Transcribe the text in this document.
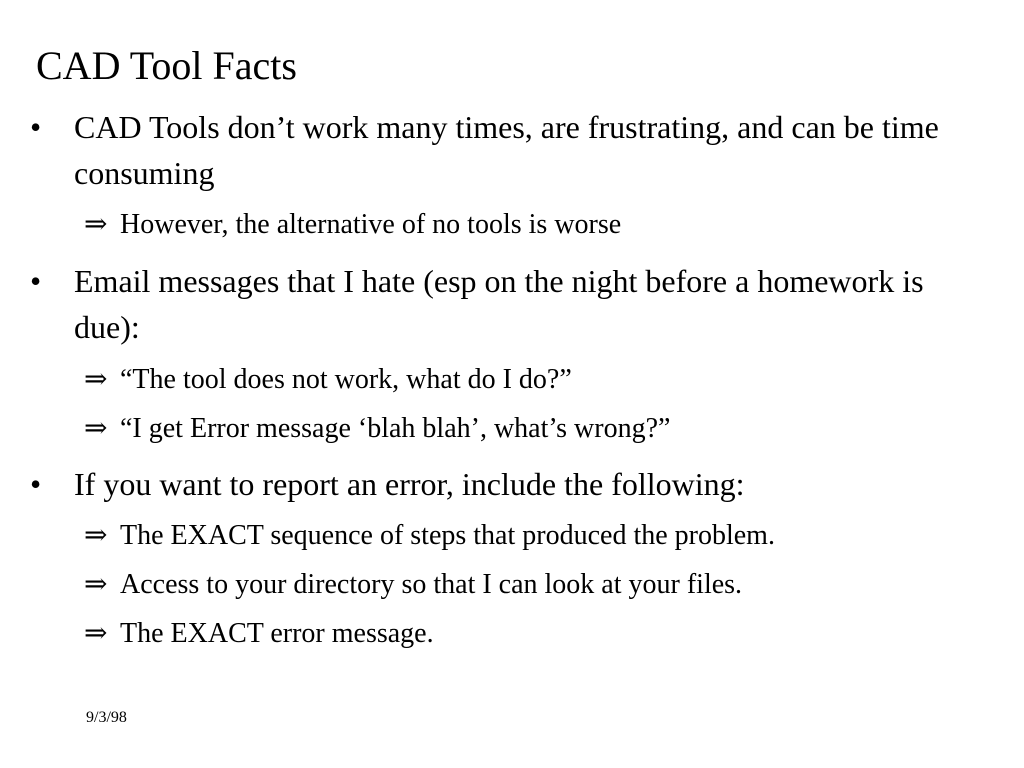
CAD Tool Facts
•	CAD Tools don’t work many times, are frustrating, and can be time consuming
⇒ However, the alternative of no tools is worse
•	Email messages that I hate (esp on the night before a homework is due):
⇒ “The tool does not work, what do I do?”
⇒ “I get Error message ‘blah blah’, what’s wrong?”
•	If you want to report an error, include the following:
⇒ The EXACT sequence of steps that produced the problem.
⇒ Access to your directory so that I can look at your files.
⇒ The EXACT error message.
9/3/98
